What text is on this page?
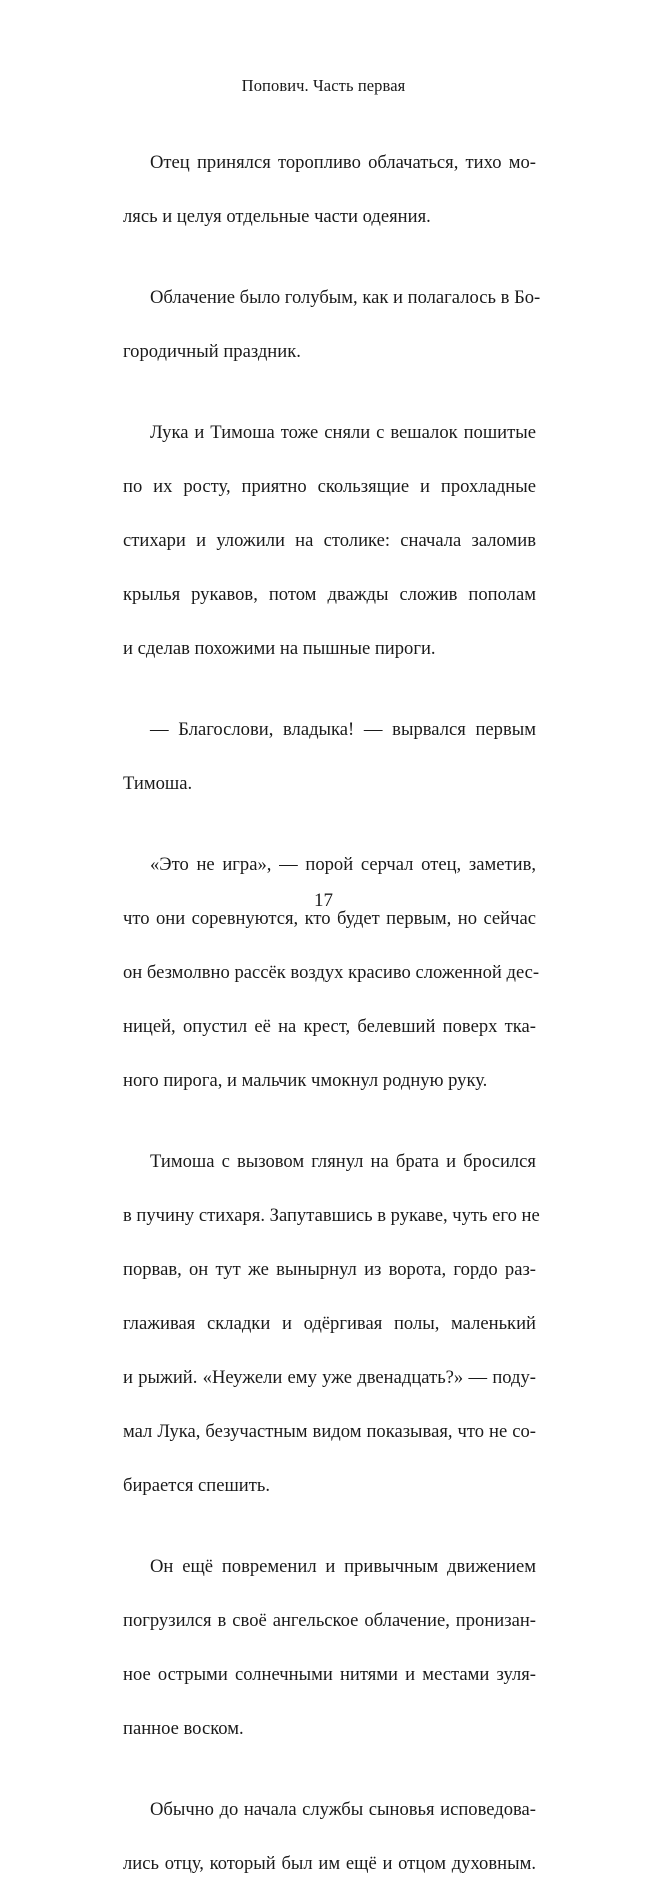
Попович. Часть первая

Отец принялся торопливо облачаться, тихо мо-

лясь и целуя отдельные части одеяния.

Облачение было голубым, как и полагалось в Бо-

городичный праздник.

Лука и Тимоша тоже сняли с вешалок пошитые

по их росту, приятно скользящие и прохладные

стихари и уложили на столике: сначала заломив

крылья рукавов, потом дважды сложив пополам

и сделав похожими на пышные пироги.

— Благослови, владыка! — вырвался первым

Тимоша.

«Это не игра», — порой серчал отец, заметив,

что они соревнуются, кто будет первым, но сейчас

он безмолвно рассёк воздух красиво сложенной дес-

ницей, опустил её на крест, белевший поверх тка-

ного пирога, и мальчик чмокнул родную руку.

Тимоша с вызовом глянул на брата и бросился

в пучину стихаря. Запутавшись в рукаве, чуть его не

порвав, он тут же вынырнул из ворота, гордо раз-

глаживая складки и одёргивая полы, маленький

и рыжий. «Неужели ему уже двенадцать?» — поду-

мал Лука, безучастным видом показывая, что не со-

бирается спешить.

Он ещё повременил и привычным движением

погрузился в своё ангельское облачение, пронизан-

ное острыми солнечными нитями и местами зуля-

панное воском.

Обычно до начала службы сыновья исповедова-

лись отцу, который был им ещё и отцом духовным.

17
